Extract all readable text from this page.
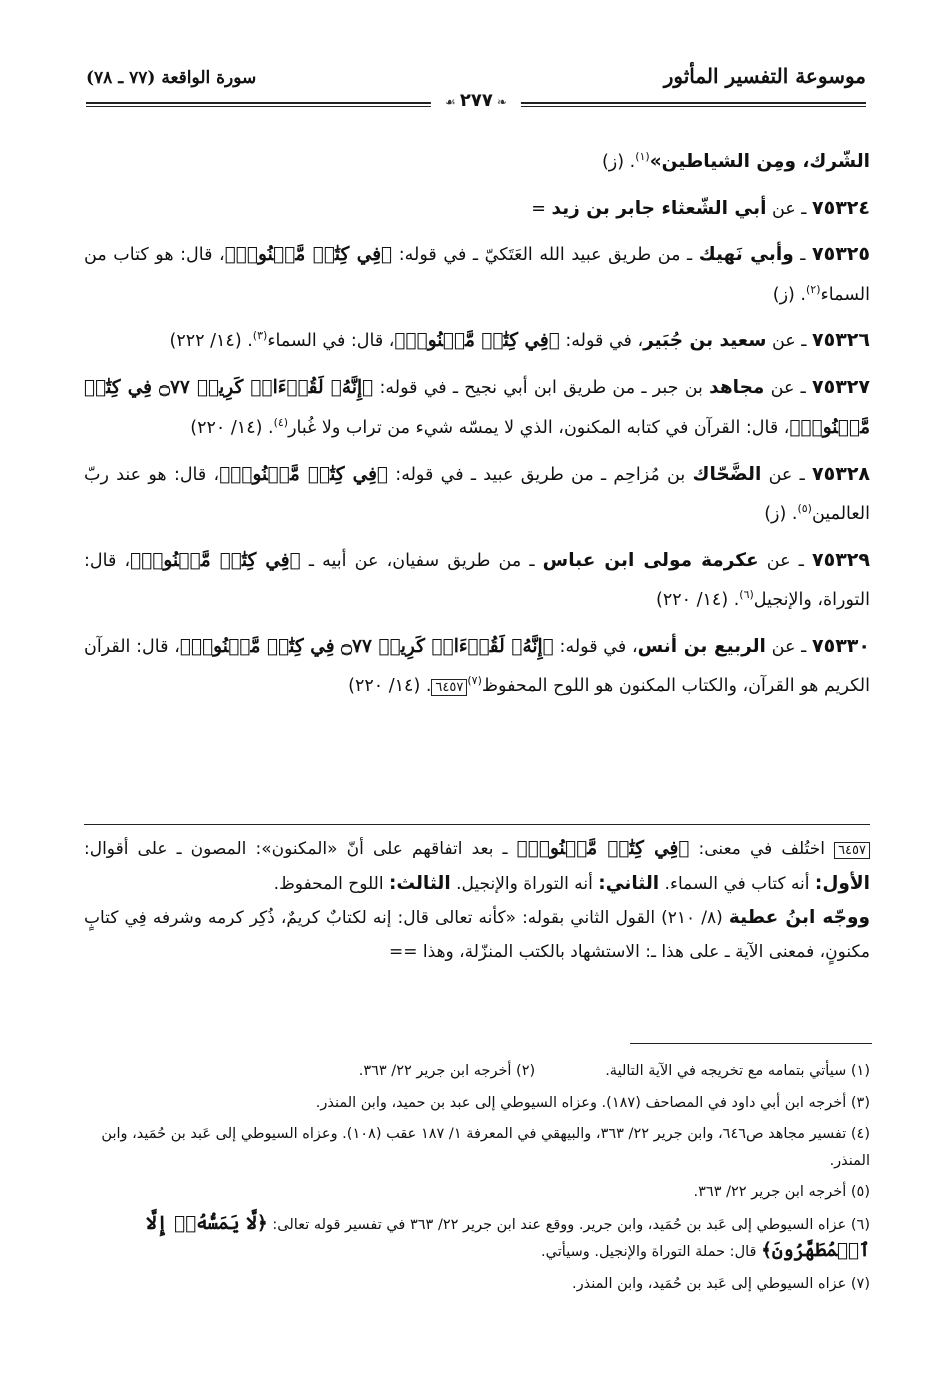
موسوعة التفسير المأثور
❧ ٢٧٧ ☙
سورة الواقعة (٧٧ ـ ٧٨)

الشّرك، ومِن الشياطين»$^{(١)}$. (ز)

٧٥٣٢٤ ـ عن أبي الشّعثاء جابر بن زيد =

٧٥٣٢٥ ـ وأبي نَهيك ـ من طريق عبيد الله العَتَكيّ ـ في قوله: ﴿فِي كِتَٰبٖ مَّكۡنُونٖ﴾، قال: هو كتاب من السماء$^{(٢)}$. (ز)

٧٥٣٢٦ ـ عن سعيد بن جُبَير، في قوله: ﴿فِي كِتَٰبٖ مَّكۡنُونٖ﴾، قال: في السماء$^{(٣)}$. (١٤/ ٢٢٢)

٧٥٣٢٧ ـ عن مجاهد بن جبر ـ من طريق ابن أبي نجيح ـ في قوله: ﴿إِنَّهُۥ لَقُرۡءَانٞ كَرِيمٞ ۝٧٧ فِي كِتَٰبٖ مَّكۡنُونٖ﴾، قال: القرآن في كتابه المكنون، الذي لا يمسّه شيء من تراب ولا غُبار$^{(٤)}$. (١٤/ ٢٢٠)

٧٥٣٢٨ ـ عن الضَّحّاك بن مُزاحِم ـ من طريق عبيد ـ في قوله: ﴿فِي كِتَٰبٖ مَّكۡنُونٖ﴾، قال: هو عند ربّ العالمين$^{(٥)}$. (ز)

٧٥٣٢٩ ـ عن عكرمة مولى ابن عباس ـ من طريق سفيان، عن أبيه ـ ﴿فِي كِتَٰبٖ مَّكۡنُونٖ﴾، قال: التوراة، والإنجيل$^{(٦)}$. (١٤/ ٢٢٠)

٧٥٣٣٠ ـ عن الربيع بن أنس، في قوله: ﴿إِنَّهُۥ لَقُرۡءَانٞ كَرِيمٞ ۝٧٧ فِي كِتَٰبٖ مَّكۡنُونٖ﴾، قال: القرآن الكريم هو القرآن، والكتاب المكنون هو اللوح المحفوظ$^{(٧)}$٦٤٥٧. (١٤/ ٢٢٠)

٦٤٥٧ اختُلف في معنى: ﴿فِي كِتَٰبٖ مَّكۡنُونٖ﴾ ـ بعد اتفاقهم على أنّ «المكنون»: المصون ـ على أقوال: الأول: أنه كتاب في السماء. الثاني: أنه التوراة والإنجيل. الثالث: اللوح المحفوظ.

ووجّه ابنُ عطية (٨/ ٢١٠) القول الثاني بقوله: «كأنه تعالى قال: إنه لكتابٌ كريمٌ، ذُكِر كرمه وشرفه فِي كتابٍ مكنونٍ، فمعنى الآية ـ على هذا ـ: الاستشهاد بالكتب المنزّلة، وهذا ==

(١) سيأتي بتمامه مع تخريجه في الآية التالية.(٢) أخرجه ابن جرير ٢٢/ ٣٦٣.

(٣) أخرجه ابن أبي داود في المصاحف (١٨٧). وعزاه السيوطي إلى عبد بن حميد، وابن المنذر.

(٤) تفسير مجاهد ص٦٤٦، وابن جرير ٢٢/ ٣٦٣، والبيهقي في المعرفة ١/ ١٨٧ عقب (١٠٨). وعزاه السيوطي إلى عَبد بن حُمَيد، وابن المنذر.

(٥) أخرجه ابن جرير ٢٢/ ٣٦٣.

(٦) عزاه السيوطي إلى عَبد بن حُمَيد، وابن جرير. ووقع عند ابن جرير ٢٢/ ٣٦٣ في تفسير قوله تعالى: ﴿لَّا يَمَسُّهُۥٓ إِلَّا ٱلۡمُطَهَّرُونَ﴾ قال: حملة التوراة والإنجيل. وسيأتي.

(٧) عزاه السيوطي إلى عَبد بن حُمَيد، وابن المنذر.
